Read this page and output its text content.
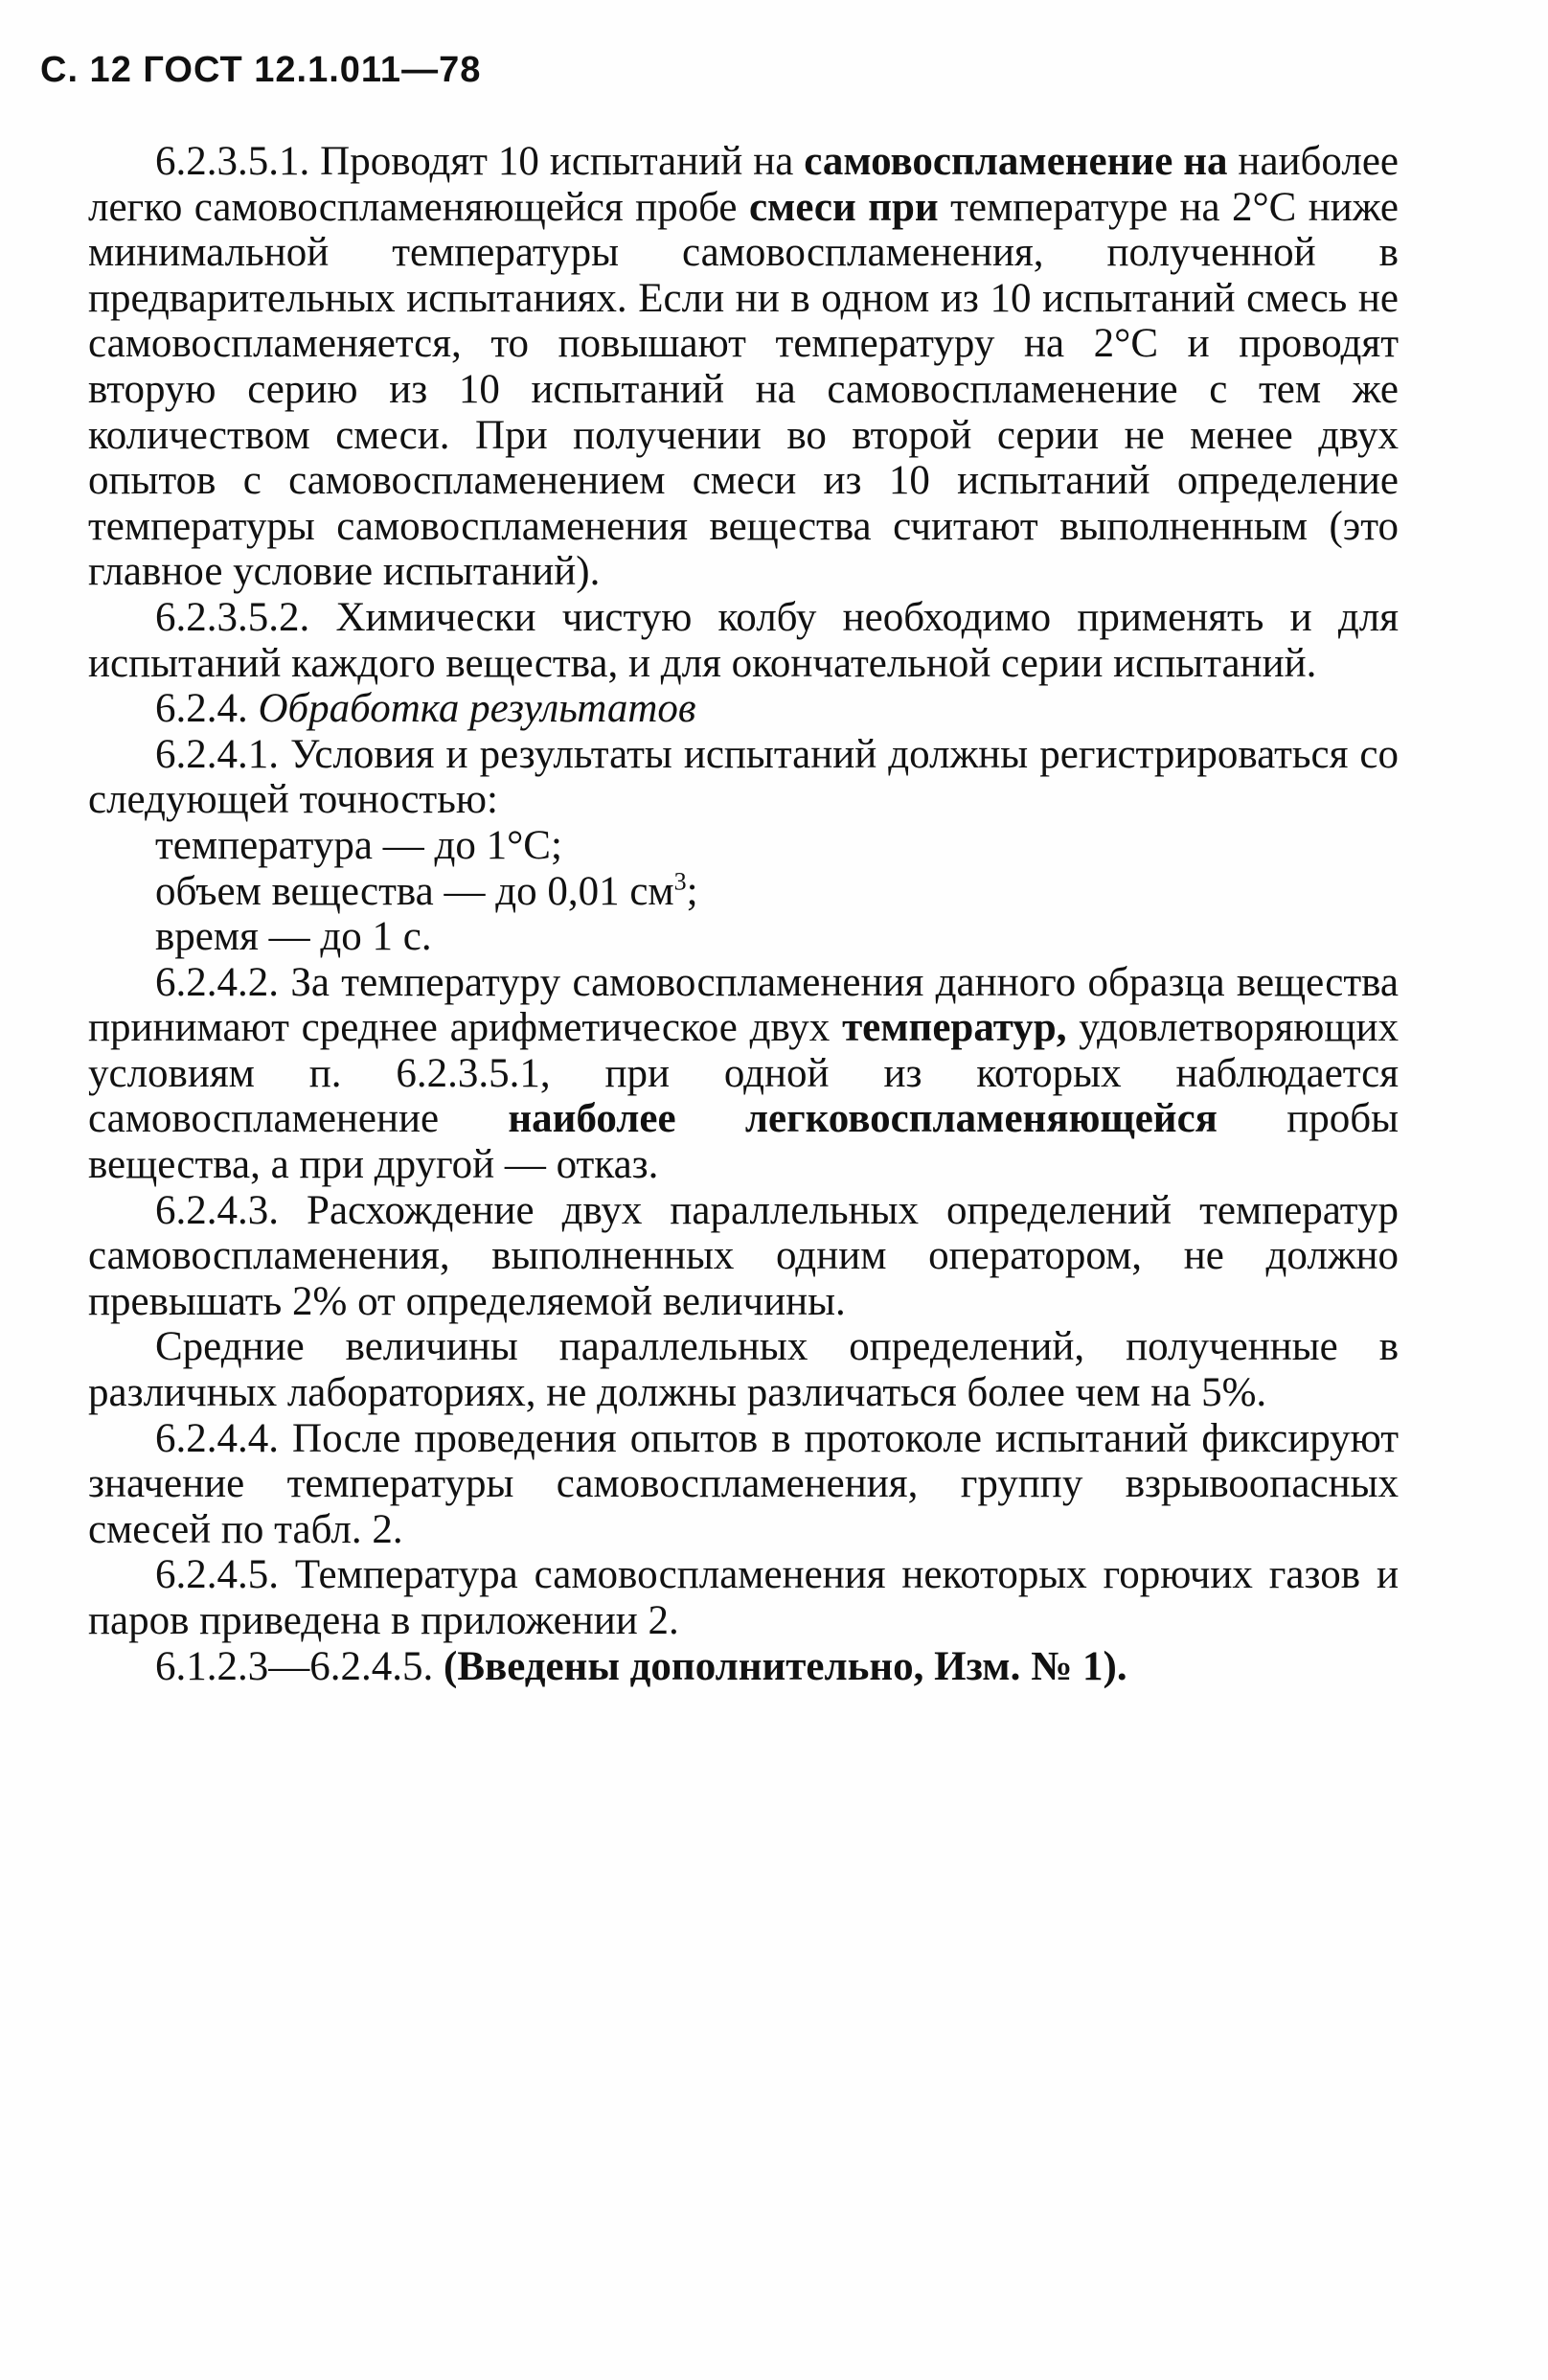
С. 12 ГОСТ 12.1.011—78

6.2.3.5.1. Проводят 10 испытаний на самовоспламенение на наиболее легко самовоспламеняющейся пробе смеси при температуре на 2°С ниже минимальной температуры самовоспламенения, полученной в предварительных испытаниях. Если ни в одном из 10 испытаний смесь не самовоспламеняется, то повышают температуру на 2°С и проводят вторую серию из 10 испытаний на самовоспламенение с тем же количеством смеси. При получении во второй серии не менее двух опытов с самовоспламенением смеси из 10 испытаний определение температуры самовоспламенения вещества считают выполненным (это главное условие испытаний).

6.2.3.5.2. Химически чистую колбу необходимо применять и для испытаний каждого вещества, и для окончательной серии испытаний.

6.2.4. Обработка результатов

6.2.4.1. Условия и результаты испытаний должны регистрироваться со следующей точностью:

температура — до 1°С;

объем вещества — до 0,01 $см^3$;

время — до 1 с.

6.2.4.2. За температуру самовоспламенения данного образца вещества принимают среднее арифметическое двух температур, удовлетворяющих условиям п. 6.2.3.5.1, при одной из которых наблюдается самовоспламенение наиболее легковоспламеняющейся пробы вещества, а при другой — отказ.

6.2.4.3. Расхождение двух параллельных определений температур самовоспламенения, выполненных одним оператором, не должно превышать 2% от определяемой величины.

Средние величины параллельных определений, полученные в различных лабораториях, не должны различаться более чем на 5%.

6.2.4.4. После проведения опытов в протоколе испытаний фиксируют значение температуры самовоспламенения, группу взрывоопасных смесей по табл. 2.

6.2.4.5. Температура самовоспламенения некоторых горючих газов и паров приведена в приложении 2.

6.1.2.3—6.2.4.5. (Введены дополнительно, Изм. № 1).
